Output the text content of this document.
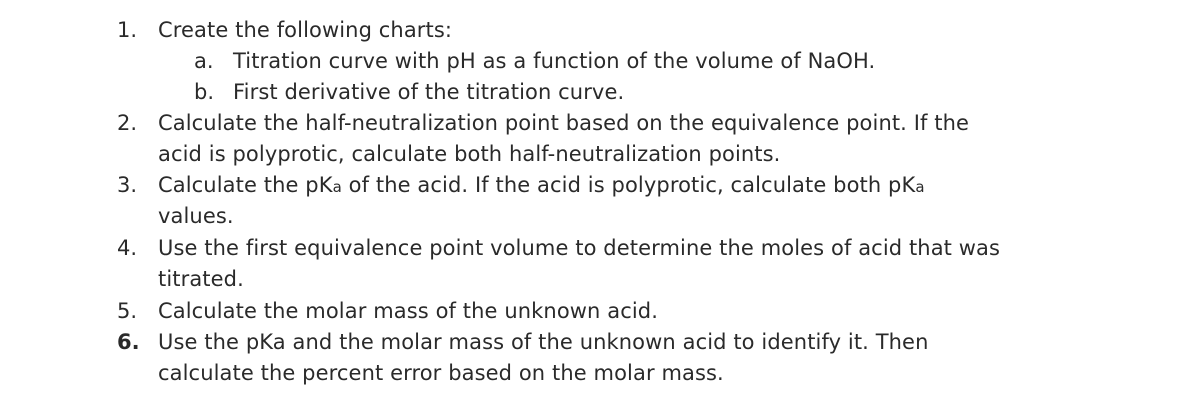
1. Create the following charts:
a. Titration curve with pH as a function of the volume of NaOH.
b. First derivative of the titration curve.
2. Calculate the half-neutralization point based on the equivalence point. If the
acid is polyprotic, calculate both half-neutralization points.
3. Calculate the pKa of the acid. If the acid is polyprotic, calculate both pKa
values.
4. Use the first equivalence point volume to determine the moles of acid that was
titrated.
5. Calculate the molar mass of the unknown acid.
6. Use the pKa and the molar mass of the unknown acid to identify it. Then
calculate the percent error based on the molar mass.
